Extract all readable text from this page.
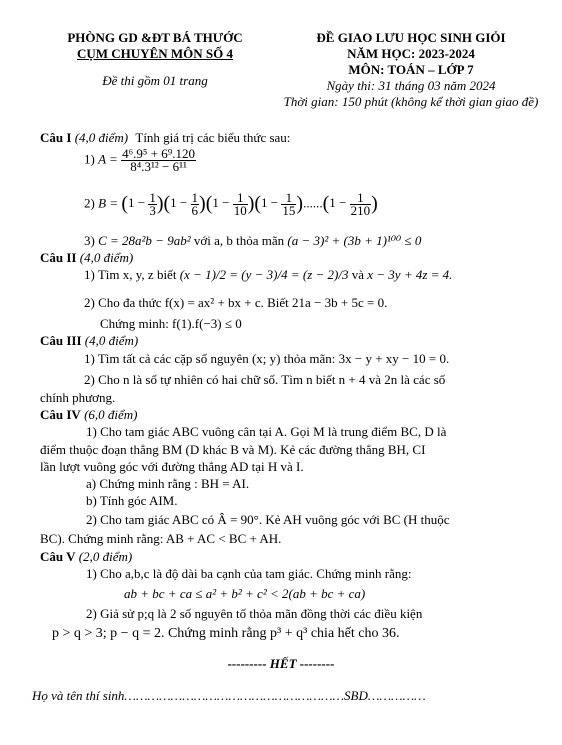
PHÒNG GD &ĐT BÁ THƯỚC
CỤM CHUYÊN MÔN SỐ 4
Đề thi gồm 01 trang
ĐỀ GIAO LƯU HỌC SINH GIỎI
NĂM HỌC: 2023-2024
MÔN: TOÁN – LỚP 7
Ngày thi: 31 tháng 03 năm 2024
Thời gian: 150 phút (không kể thời gian giao đề)
Câu I (4,0 điểm) Tính giá trị các biểu thức sau:
1) $A = \frac{\text{4⁶.9⁵ + 6⁹.120}}{\text{8⁴.3¹² − 6¹¹}}$
2) $B = (1 - \frac{1}{3} )(1 - \frac{1}{6} )(1 - \frac{1}{10} )(1 - \frac{1}{15} )......(1 - \frac{1}{210}$ )
3) C = 28a²b − 9ab² với a, b thỏa mãn (a − 3)² + (3b + 1)¹⁰⁰ ≤ 0
Câu II (4,0 điểm)
1) Tìm x, y, z biết (x − 1)/2 = (y − 3)/4 = (z − 2)/3 và x − 3y + 4z = 4.
2) Cho đa thức f(x) = ax² + bx + c. Biết 21a − 3b + 5c = 0.
Chứng minh: f(1).f(−3) ≤ 0
Câu III (4,0 điểm)
1) Tìm tất cả các cặp số nguyên (x; y) thỏa mãn: 3x − y + xy − 10 = 0.
2) Cho n là số tự nhiên có hai chữ số. Tìm n biết n + 4 và 2n là các số
chính phương.
Câu IV (6,0 điểm)
1) Cho tam giác ABC vuông cân tại A. Gọi M là trung điểm BC, D là
điểm thuộc đoạn thẳng BM (D khác B và M). Kẻ các đường thẳng BH, CI
lần lượt vuông góc với đường thẳng AD tại H và I.
a) Chứng minh rằng : BH = AI.
b) Tính góc AIM.
2) Cho tam giác ABC có Â = 90°. Kẻ AH vuông góc với BC (H thuộc
BC). Chứng minh rằng: AB + AC < BC + AH.
Câu V (2,0 điểm)
1) Cho a,b,c là độ dài ba cạnh của tam giác. Chứng minh rằng:
ab + bc + ca ≤ a² + b² + c² < 2(ab + bc + ca)
2) Giả sử p;q là 2 số nguyên tố thỏa mãn đồng thời các điều kiện
p > q > 3; p − q = 2. Chứng minh rằng p³ + q³ chia hết cho 36.
--------- HẾT --------
Họ và tên thí sinh…………………………………………………SBD……………
